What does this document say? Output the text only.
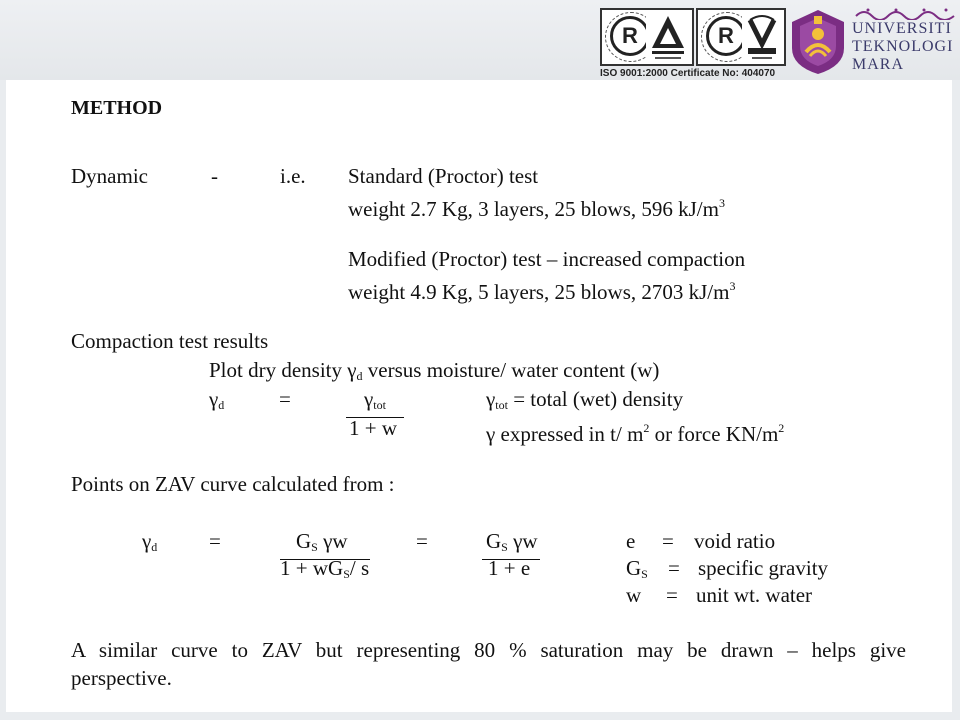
R	R
ISO 9001:2000 Certificate No: 404070
UNIVERSITI
TEKNOLOGI
MARA
METHOD
Dynamic	-	i.e. Standard (Proctor) test
weight 2.7 Kg, 3 layers, 25 blows, 596 $kJ/m^3$
Modified (Proctor) test – increased compaction
weight 4.9 Kg, 5 layers, 25 blows, 2703 $kJ/m^3$
Compaction test results
Plot dry density $\gamma_d$ versus moisture/ water content (w)
$\gamma_d$	=	$\gamma_{tot}$
1 + w
$\gamma_{tot}$ = total (wet) density
γ expressed in t/ $m^2$ or force $KN/m^2$
Points on ZAV curve calculated from :
$\gamma_d$ =	$G_S$ γw
$1 + wG_S/$ s
=	$G_S$ γw
1 + e
e = void ratio
$G_S$ = specific gravity
w = unit wt. water
A similar curve to ZAV but representing 80 % saturation may be drawn – helps give
perspective.
